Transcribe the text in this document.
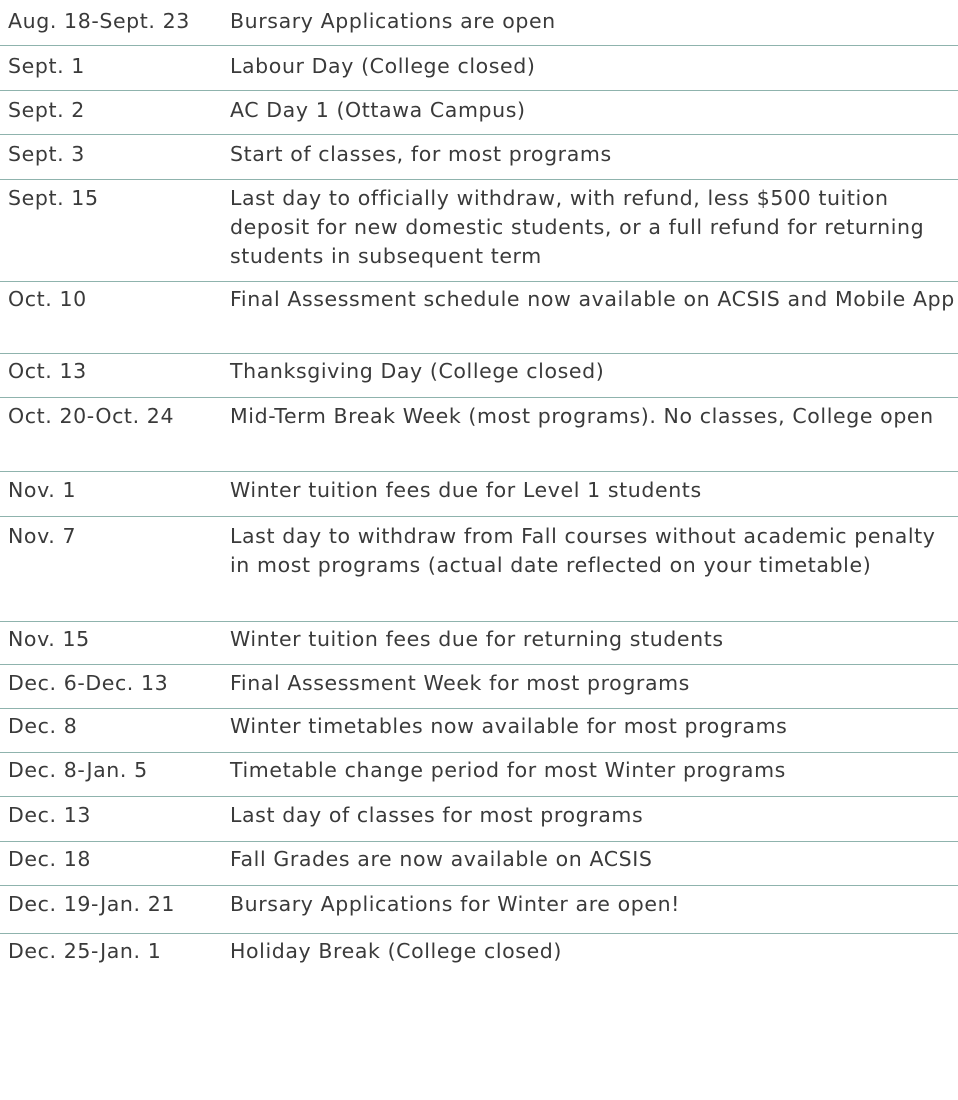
Aug. 18-Sept. 23	Bursary Applications are open
Sept. 1	Labour Day (College closed)
Sept. 2	AC Day 1 (Ottawa Campus)
Sept. 3	Start of classes, for most programs
Sept. 15	Last day to officially withdraw, with refund, less $500 tuition deposit for new domestic students, or a full refund for returning students in subsequent term
Oct. 10	Final Assessment schedule now available on ACSIS and Mobile App
Oct. 13	Thanksgiving Day (College closed)
Oct. 20-Oct. 24	Mid-Term Break Week (most programs). No classes, College open
Nov. 1	Winter tuition fees due for Level 1 students
Nov. 7	Last day to withdraw from Fall courses without academic penalty in most programs (actual date reflected on your timetable)
Nov. 15	Winter tuition fees due for returning students
Dec. 6-Dec. 13	Final Assessment Week for most programs
Dec. 8	Winter timetables now available for most programs
Dec. 8-Jan. 5	Timetable change period for most Winter programs
Dec. 13	Last day of classes for most programs
Dec. 18	Fall Grades are now available on ACSIS
Dec. 19-Jan. 21	Bursary Applications for Winter are open!
Dec. 25-Jan. 1	Holiday Break (College closed)
